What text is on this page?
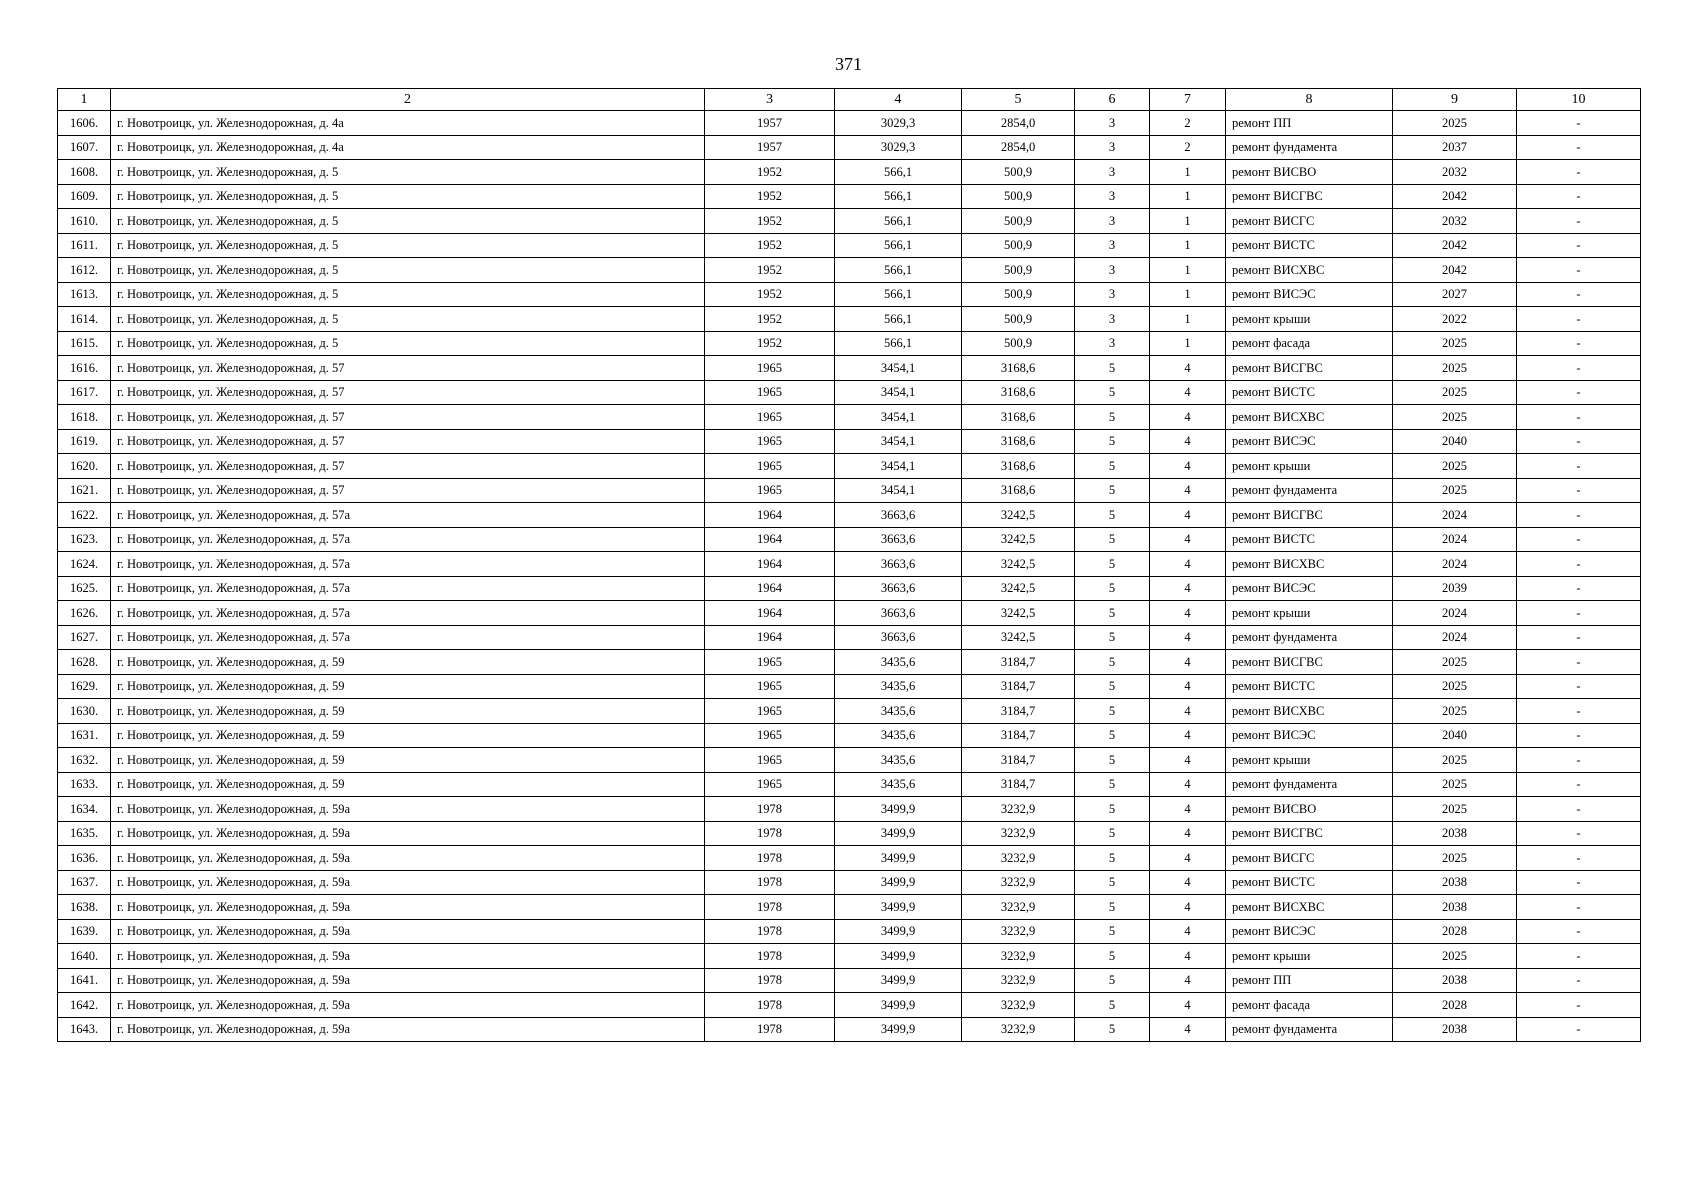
371
1	2	3	4	5	6	7	8	9	10
1606.	г. Новотроицк, ул. Железнодорожная, д. 4а	1957	3029,3	2854,0	3	2	ремонт ПП	2025	-
1607.	г. Новотроицк, ул. Железнодорожная, д. 4а	1957	3029,3	2854,0	3	2	ремонт фундамента	2037	-
1608.	г. Новотроицк, ул. Железнодорожная, д. 5	1952	566,1	500,9	3	1	ремонт ВИСВО	2032	-
1609.	г. Новотроицк, ул. Железнодорожная, д. 5	1952	566,1	500,9	3	1	ремонт ВИСГВС	2042	-
1610.	г. Новотроицк, ул. Железнодорожная, д. 5	1952	566,1	500,9	3	1	ремонт ВИСГС	2032	-
1611.	г. Новотроицк, ул. Железнодорожная, д. 5	1952	566,1	500,9	3	1	ремонт ВИСТС	2042	-
1612.	г. Новотроицк, ул. Железнодорожная, д. 5	1952	566,1	500,9	3	1	ремонт ВИСХВС	2042	-
1613.	г. Новотроицк, ул. Железнодорожная, д. 5	1952	566,1	500,9	3	1	ремонт ВИСЭС	2027	-
1614.	г. Новотроицк, ул. Железнодорожная, д. 5	1952	566,1	500,9	3	1	ремонт крыши	2022	-
1615.	г. Новотроицк, ул. Железнодорожная, д. 5	1952	566,1	500,9	3	1	ремонт фасада	2025	-
1616.	г. Новотроицк, ул. Железнодорожная, д. 57	1965	3454,1	3168,6	5	4	ремонт ВИСГВС	2025	-
1617.	г. Новотроицк, ул. Железнодорожная, д. 57	1965	3454,1	3168,6	5	4	ремонт ВИСТС	2025	-
1618.	г. Новотроицк, ул. Железнодорожная, д. 57	1965	3454,1	3168,6	5	4	ремонт ВИСХВС	2025	-
1619.	г. Новотроицк, ул. Железнодорожная, д. 57	1965	3454,1	3168,6	5	4	ремонт ВИСЭС	2040	-
1620.	г. Новотроицк, ул. Железнодорожная, д. 57	1965	3454,1	3168,6	5	4	ремонт крыши	2025	-
1621.	г. Новотроицк, ул. Железнодорожная, д. 57	1965	3454,1	3168,6	5	4	ремонт фундамента	2025	-
1622.	г. Новотроицк, ул. Железнодорожная, д. 57а	1964	3663,6	3242,5	5	4	ремонт ВИСГВС	2024	-
1623.	г. Новотроицк, ул. Железнодорожная, д. 57а	1964	3663,6	3242,5	5	4	ремонт ВИСТС	2024	-
1624.	г. Новотроицк, ул. Железнодорожная, д. 57а	1964	3663,6	3242,5	5	4	ремонт ВИСХВС	2024	-
1625.	г. Новотроицк, ул. Железнодорожная, д. 57а	1964	3663,6	3242,5	5	4	ремонт ВИСЭС	2039	-
1626.	г. Новотроицк, ул. Железнодорожная, д. 57а	1964	3663,6	3242,5	5	4	ремонт крыши	2024	-
1627.	г. Новотроицк, ул. Железнодорожная, д. 57а	1964	3663,6	3242,5	5	4	ремонт фундамента	2024	-
1628.	г. Новотроицк, ул. Железнодорожная, д. 59	1965	3435,6	3184,7	5	4	ремонт ВИСГВС	2025	-
1629.	г. Новотроицк, ул. Железнодорожная, д. 59	1965	3435,6	3184,7	5	4	ремонт ВИСТС	2025	-
1630.	г. Новотроицк, ул. Железнодорожная, д. 59	1965	3435,6	3184,7	5	4	ремонт ВИСХВС	2025	-
1631.	г. Новотроицк, ул. Железнодорожная, д. 59	1965	3435,6	3184,7	5	4	ремонт ВИСЭС	2040	-
1632.	г. Новотроицк, ул. Железнодорожная, д. 59	1965	3435,6	3184,7	5	4	ремонт крыши	2025	-
1633.	г. Новотроицк, ул. Железнодорожная, д. 59	1965	3435,6	3184,7	5	4	ремонт фундамента	2025	-
1634.	г. Новотроицк, ул. Железнодорожная, д. 59а	1978	3499,9	3232,9	5	4	ремонт ВИСВО	2025	-
1635.	г. Новотроицк, ул. Железнодорожная, д. 59а	1978	3499,9	3232,9	5	4	ремонт ВИСГВС	2038	-
1636.	г. Новотроицк, ул. Железнодорожная, д. 59а	1978	3499,9	3232,9	5	4	ремонт ВИСГС	2025	-
1637.	г. Новотроицк, ул. Железнодорожная, д. 59а	1978	3499,9	3232,9	5	4	ремонт ВИСТС	2038	-
1638.	г. Новотроицк, ул. Железнодорожная, д. 59а	1978	3499,9	3232,9	5	4	ремонт ВИСХВС	2038	-
1639.	г. Новотроицк, ул. Железнодорожная, д. 59а	1978	3499,9	3232,9	5	4	ремонт ВИСЭС	2028	-
1640.	г. Новотроицк, ул. Железнодорожная, д. 59а	1978	3499,9	3232,9	5	4	ремонт крыши	2025	-
1641.	г. Новотроицк, ул. Железнодорожная, д. 59а	1978	3499,9	3232,9	5	4	ремонт ПП	2038	-
1642.	г. Новотроицк, ул. Железнодорожная, д. 59а	1978	3499,9	3232,9	5	4	ремонт фасада	2028	-
1643.	г. Новотроицк, ул. Железнодорожная, д. 59а	1978	3499,9	3232,9	5	4	ремонт фундамента	2038	-
